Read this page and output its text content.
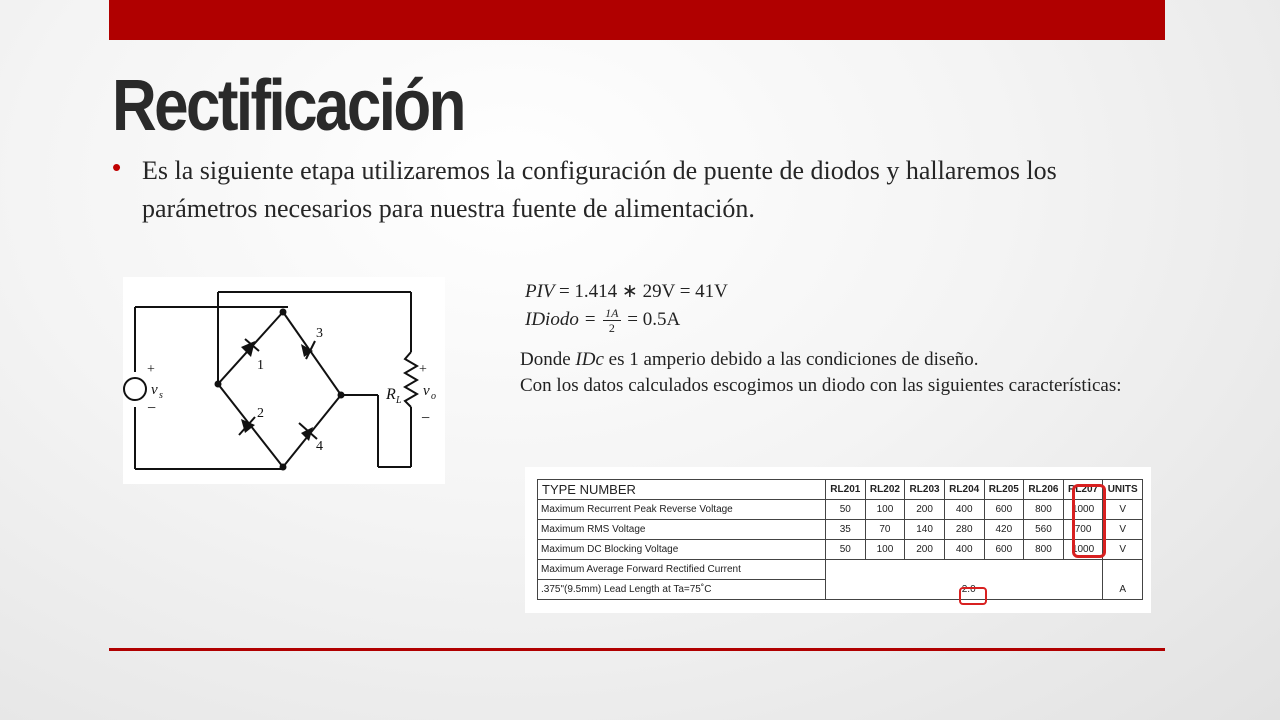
Rectificación
• Es la siguiente etapa utilizaremos la configuración de puente de diodos y hallaremos los parámetros necesarios para nuestra fuente de alimentación.
+
−
v s
1
2
3
4
R L
+
−
v o
PIV = 1.414 ∗ 29V = 41V
IDiodo = $\frac{1A}{2} = 0.5A$

Donde IDc es 1 amperio debido a las condiciones de diseño.

Con los datos calculados escogimos un diodo con las siguientes características:

TYPE NUMBER	RL201	RL202	RL203	RL204	RL205	RL206	RL207	UNITS
Maximum Recurrent Peak Reverse Voltage	50	100	200	400	600	800	1000	V
Maximum RMS Voltage	35	70	140	280	420	560	700	V
Maximum DC Blocking Voltage	50	100	200	400	600	800	1000	V
Maximum Average Forward Rectified Current								
.375"(9.5mm) Lead Length at Ta=75˚C	2.0							A
